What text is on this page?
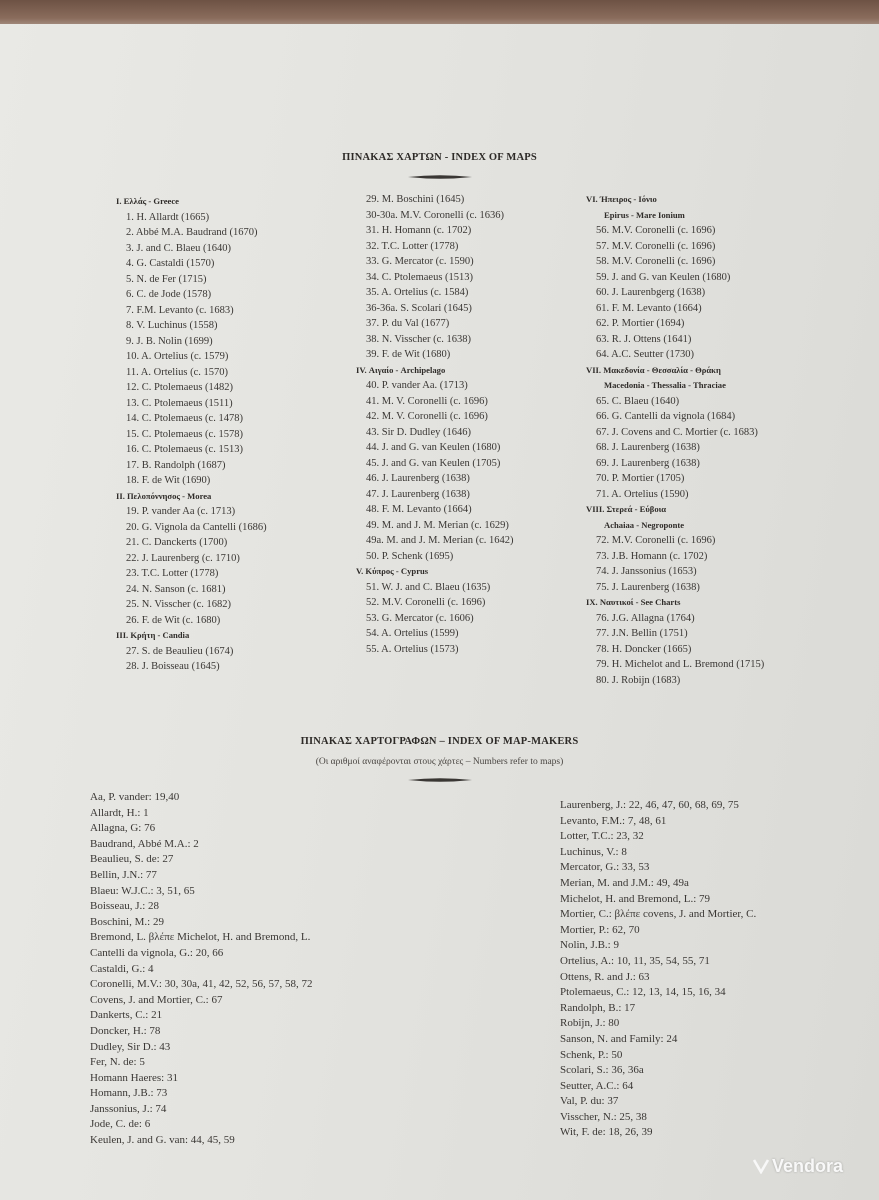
ΠΙΝΑΚΑΣ ΧΑΡΤΩΝ - INDEX OF MAPS
I. Ελλάς - Greece
1. H. Allardt (1665)
2. Abbé M.A. Baudrand (1670)
3. J. and C. Blaeu (1640)
4. G. Castaldi (1570)
5. N. de Fer (1715)
6. C. de Jode (1578)
7. F.M. Levanto (c. 1683)
8. V. Luchinus (1558)
9. J. B. Nolin (1699)
10. A. Ortelius (c. 1579)
11. A. Ortelius (c. 1570)
12. C. Ptolemaeus (1482)
13. C. Ptolemaeus (1511)
14. C. Ptolemaeus (c. 1478)
15. C. Ptolemaeus (c. 1578)
16. C. Ptolemaeus (c. 1513)
17. B. Randolph (1687)
18. F. de Wit (1690)
II. Πελοπόννησος - Morea
19. P. vander Aa (c. 1713)
20. G. Vignola da Cantelli (1686)
21. C. Danckerts (1700)
22. J. Laurenberg (c. 1710)
23. T.C. Lotter (1778)
24. N. Sanson (c. 1681)
25. N. Visscher (c. 1682)
26. F. de Wit (c. 1680)
III. Κρήτη - Candia
27. S. de Beaulieu (1674)
28. J. Boisseau (1645)
29. M. Boschini (1645)
30-30a. M.V. Coronelli (c. 1636)
31. H. Homann (c. 1702)
32. T.C. Lotter (1778)
33. G. Mercator (c. 1590)
34. C. Ptolemaeus (1513)
35. A. Ortelius (c. 1584)
36-36a. S. Scolari (1645)
37. P. du Val (1677)
38. N. Visscher (c. 1638)
39. F. de Wit (1680)
IV. Αιγαίο - Archipelago
40. P. vander Aa. (1713)
41. M. V. Coronelli (c. 1696)
42. M. V. Coronelli (c. 1696)
43. Sir D. Dudley (1646)
44. J. and G. van Keulen (1680)
45. J. and G. van Keulen (1705)
46. J. Laurenberg (1638)
47. J. Laurenberg (1638)
48. F. M. Levanto (1664)
49. M. and J. M. Merian (c. 1629)
49a. M. and J. M. Merian (c. 1642)
50. P. Schenk (1695)
V. Κύπρος - Cyprus
51. W. J. and C. Blaeu (1635)
52. M.V. Coronelli (c. 1696)
53. G. Mercator (c. 1606)
54. A. Ortelius (1599)
55. A. Ortelius (1573)
VI. Ήπειρος - Ιόνιο
Epirus - Mare Ionium
56. M.V. Coronelli (c. 1696)
57. M.V. Coronelli (c. 1696)
58. M.V. Coronelli (c. 1696)
59. J. and G. van Keulen (1680)
60. J. Laurenbgerg (1638)
61. F. M. Levanto (1664)
62. P. Mortier (1694)
63. R. J. Ottens (1641)
64. A.C. Seutter (1730)
VII. Μακεδονία - Θεσσαλία - Θράκη
Macedonia - Thessalia - Thraciae
65. C. Blaeu (1640)
66. G. Cantelli da vignola (1684)
67. J. Covens and C. Mortier (c. 1683)
68. J. Laurenberg (1638)
69. J. Laurenberg (1638)
70. P. Mortier (1705)
71. A. Ortelius (1590)
VIII. Στερεά - Εύβοια
Achaiaa - Negroponte
72. M.V. Coronelli (c. 1696)
73. J.B. Homann (c. 1702)
74. J. Janssonius (1653)
75. J. Laurenberg (1638)
IX. Ναυτικοί - See Charts
76. J.G. Allagna (1764)
77. J.N. Bellin (1751)
78. H. Doncker (1665)
79. H. Michelot and L. Bremond (1715)
80. J. Robijn (1683)
ΠΙΝΑΚΑΣ ΧΑΡΤΟΓΡΑΦΩΝ – INDEX OF MAP-MAKERS
(Οι αριθμοί αναφέρονται στους χάρτες – Numbers refer to maps)
Aa, P. vander: 19,40
Allardt, H.: 1
Allagna, G: 76
Baudrand, Abbé M.A.: 2
Beaulieu, S. de: 27
Bellin, J.N.: 77
Blaeu: W.J.C.: 3, 51, 65
Boisseau, J.: 28
Boschini, M.: 29
Bremond, L. βλέπε Michelot, H. and Bremond, L.
Cantelli da vignola, G.: 20, 66
Castaldi, G.: 4
Coronelli, M.V.: 30, 30a, 41, 42, 52, 56, 57, 58, 72
Covens, J. and Mortier, C.: 67
Dankerts, C.: 21
Doncker, H.: 78
Dudley, Sir D.: 43
Fer, N. de: 5
Homann Haeres: 31
Homann, J.B.: 73
Janssonius, J.: 74
Jode, C. de: 6
Keulen, J. and G. van: 44, 45, 59
Laurenberg, J.: 22, 46, 47, 60, 68, 69, 75
Levanto, F.M.: 7, 48, 61
Lotter, T.C.: 23, 32
Luchinus, V.: 8
Mercator, G.: 33, 53
Merian, M. and J.M.: 49, 49a
Michelot, H. and Bremond, L.: 79
Mortier, C.: βλέπε covens, J. and Mortier, C.
Mortier, P.: 62, 70
Nolin, J.B.: 9
Ortelius, A.: 10, 11, 35, 54, 55, 71
Ottens, R. and J.: 63
Ptolemaeus, C.: 12, 13, 14, 15, 16, 34
Randolph, B.: 17
Robijn, J.: 80
Sanson, N. and Family: 24
Schenk, P.: 50
Scolari, S.: 36, 36a
Seutter, A.C.: 64
Val, P. du: 37
Visscher, N.: 25, 38
Wit, F. de: 18, 26, 39
Vendora
